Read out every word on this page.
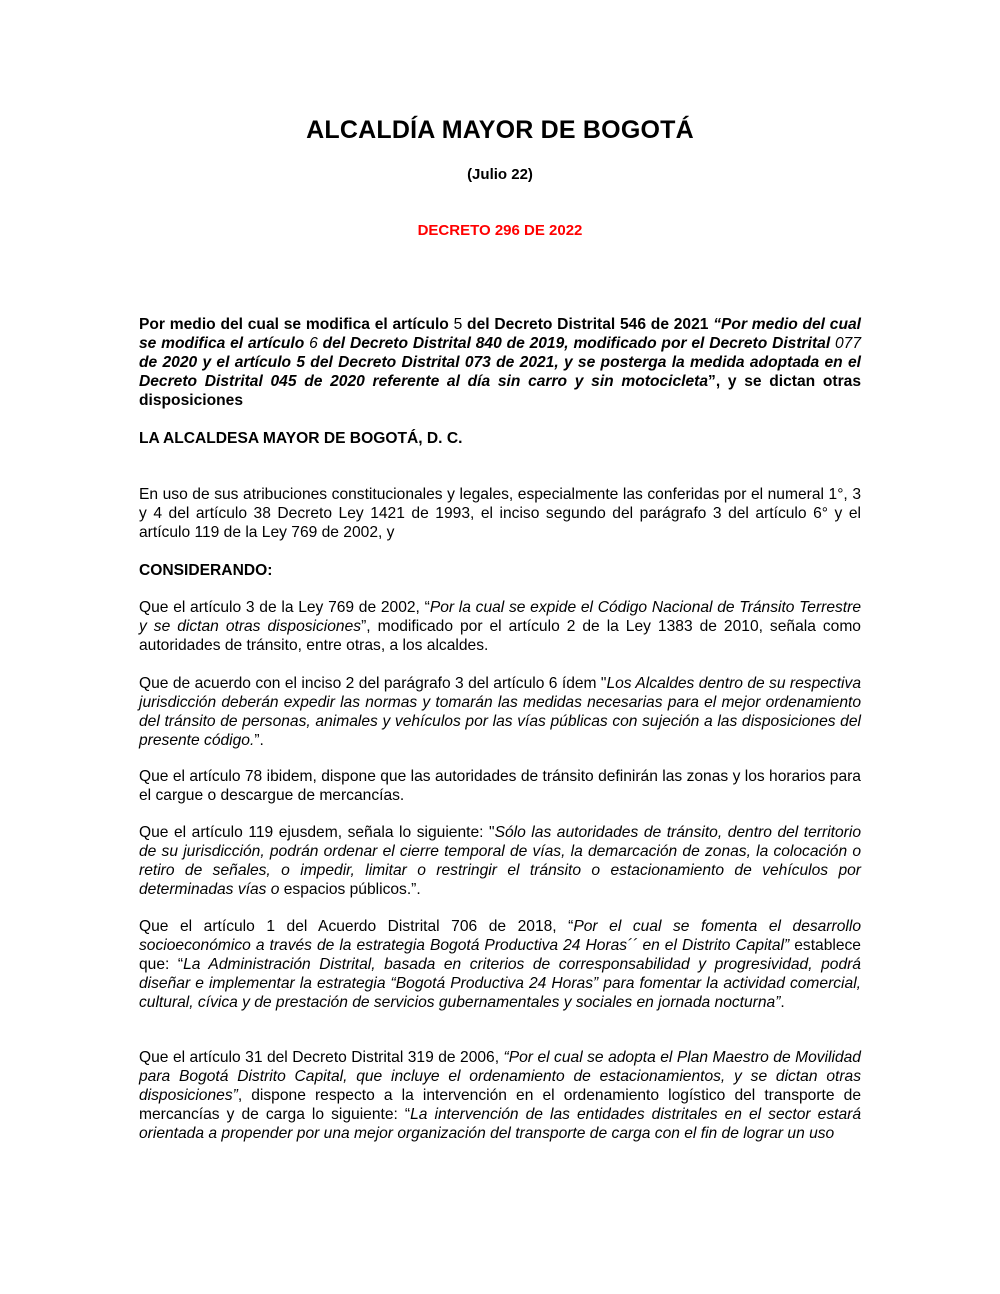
ALCALDÍA MAYOR DE BOGOTÁ
(Julio 22)
DECRETO 296 DE 2022

Por medio del cual se modifica el artículo 5 del Decreto Distrital 546 de 2021 “Por medio del cual se modifica el artículo 6 del Decreto Distrital 840 de 2019, modificado por el Decreto Distrital 077 de 2020 y el artículo 5 del Decreto Distrital 073 de 2021, y se posterga la medida adoptada en el Decreto Distrital 045 de 2020 referente al día sin carro y sin motocicleta”, y se dictan otras disposiciones

LA ALCALDESA MAYOR DE BOGOTÁ, D. C.

En uso de sus atribuciones constitucionales y legales, especialmente las conferidas por el numeral 1°, 3 y 4 del artículo 38 Decreto Ley 1421 de 1993, el inciso segundo del parágrafo 3 del artículo 6° y el artículo 119 de la Ley 769 de 2002, y

CONSIDERANDO:

Que el artículo 3 de la Ley 769 de 2002, “Por la cual se expide el Código Nacional de Tránsito Terrestre y se dictan otras disposiciones”, modificado por el artículo 2 de la Ley 1383 de 2010, señala como autoridades de tránsito, entre otras, a los alcaldes.

Que de acuerdo con el inciso 2 del parágrafo 3 del artículo 6 ídem "Los Alcaldes dentro de su respectiva jurisdicción deberán expedir las normas y tomarán las medidas necesarias para el mejor ordenamiento del tránsito de personas, animales y vehículos por las vías públicas con sujeción a las disposiciones del presente código.”.

Que el artículo 78 ibidem, dispone que las autoridades de tránsito definirán las zonas y los horarios para el cargue o descargue de mercancías.

Que el artículo 119 ejusdem, señala lo siguiente: "Sólo las autoridades de tránsito, dentro del territorio de su jurisdicción, podrán ordenar el cierre temporal de vías, la demarcación de zonas, la colocación o retiro de señales, o impedir, limitar o restringir el tránsito o estacionamiento de vehículos por determinadas vías o espacios públicos.”.

Que el artículo 1 del Acuerdo Distrital 706 de 2018, “Por el cual se fomenta el desarrollo socioeconómico a través de la estrategia Bogotá Productiva 24 Horas´´ en el Distrito Capital” establece que: “La Administración Distrital, basada en criterios de corresponsabilidad y progresividad, podrá diseñar e implementar la estrategia “Bogotá Productiva 24 Horas” para fomentar la actividad comercial, cultural, cívica y de prestación de servicios gubernamentales y sociales en jornada nocturna”.

Que el artículo 31 del Decreto Distrital 319 de 2006, “Por el cual se adopta el Plan Maestro de Movilidad para Bogotá Distrito Capital, que incluye el ordenamiento de estacionamientos, y se dictan otras disposiciones”, dispone respecto a la intervención en el ordenamiento logístico del transporte de mercancías y de carga lo siguiente: “La intervención de las entidades distritales en el sector estará orientada a propender por una mejor organización del transporte de carga con el fin de lograr un uso
